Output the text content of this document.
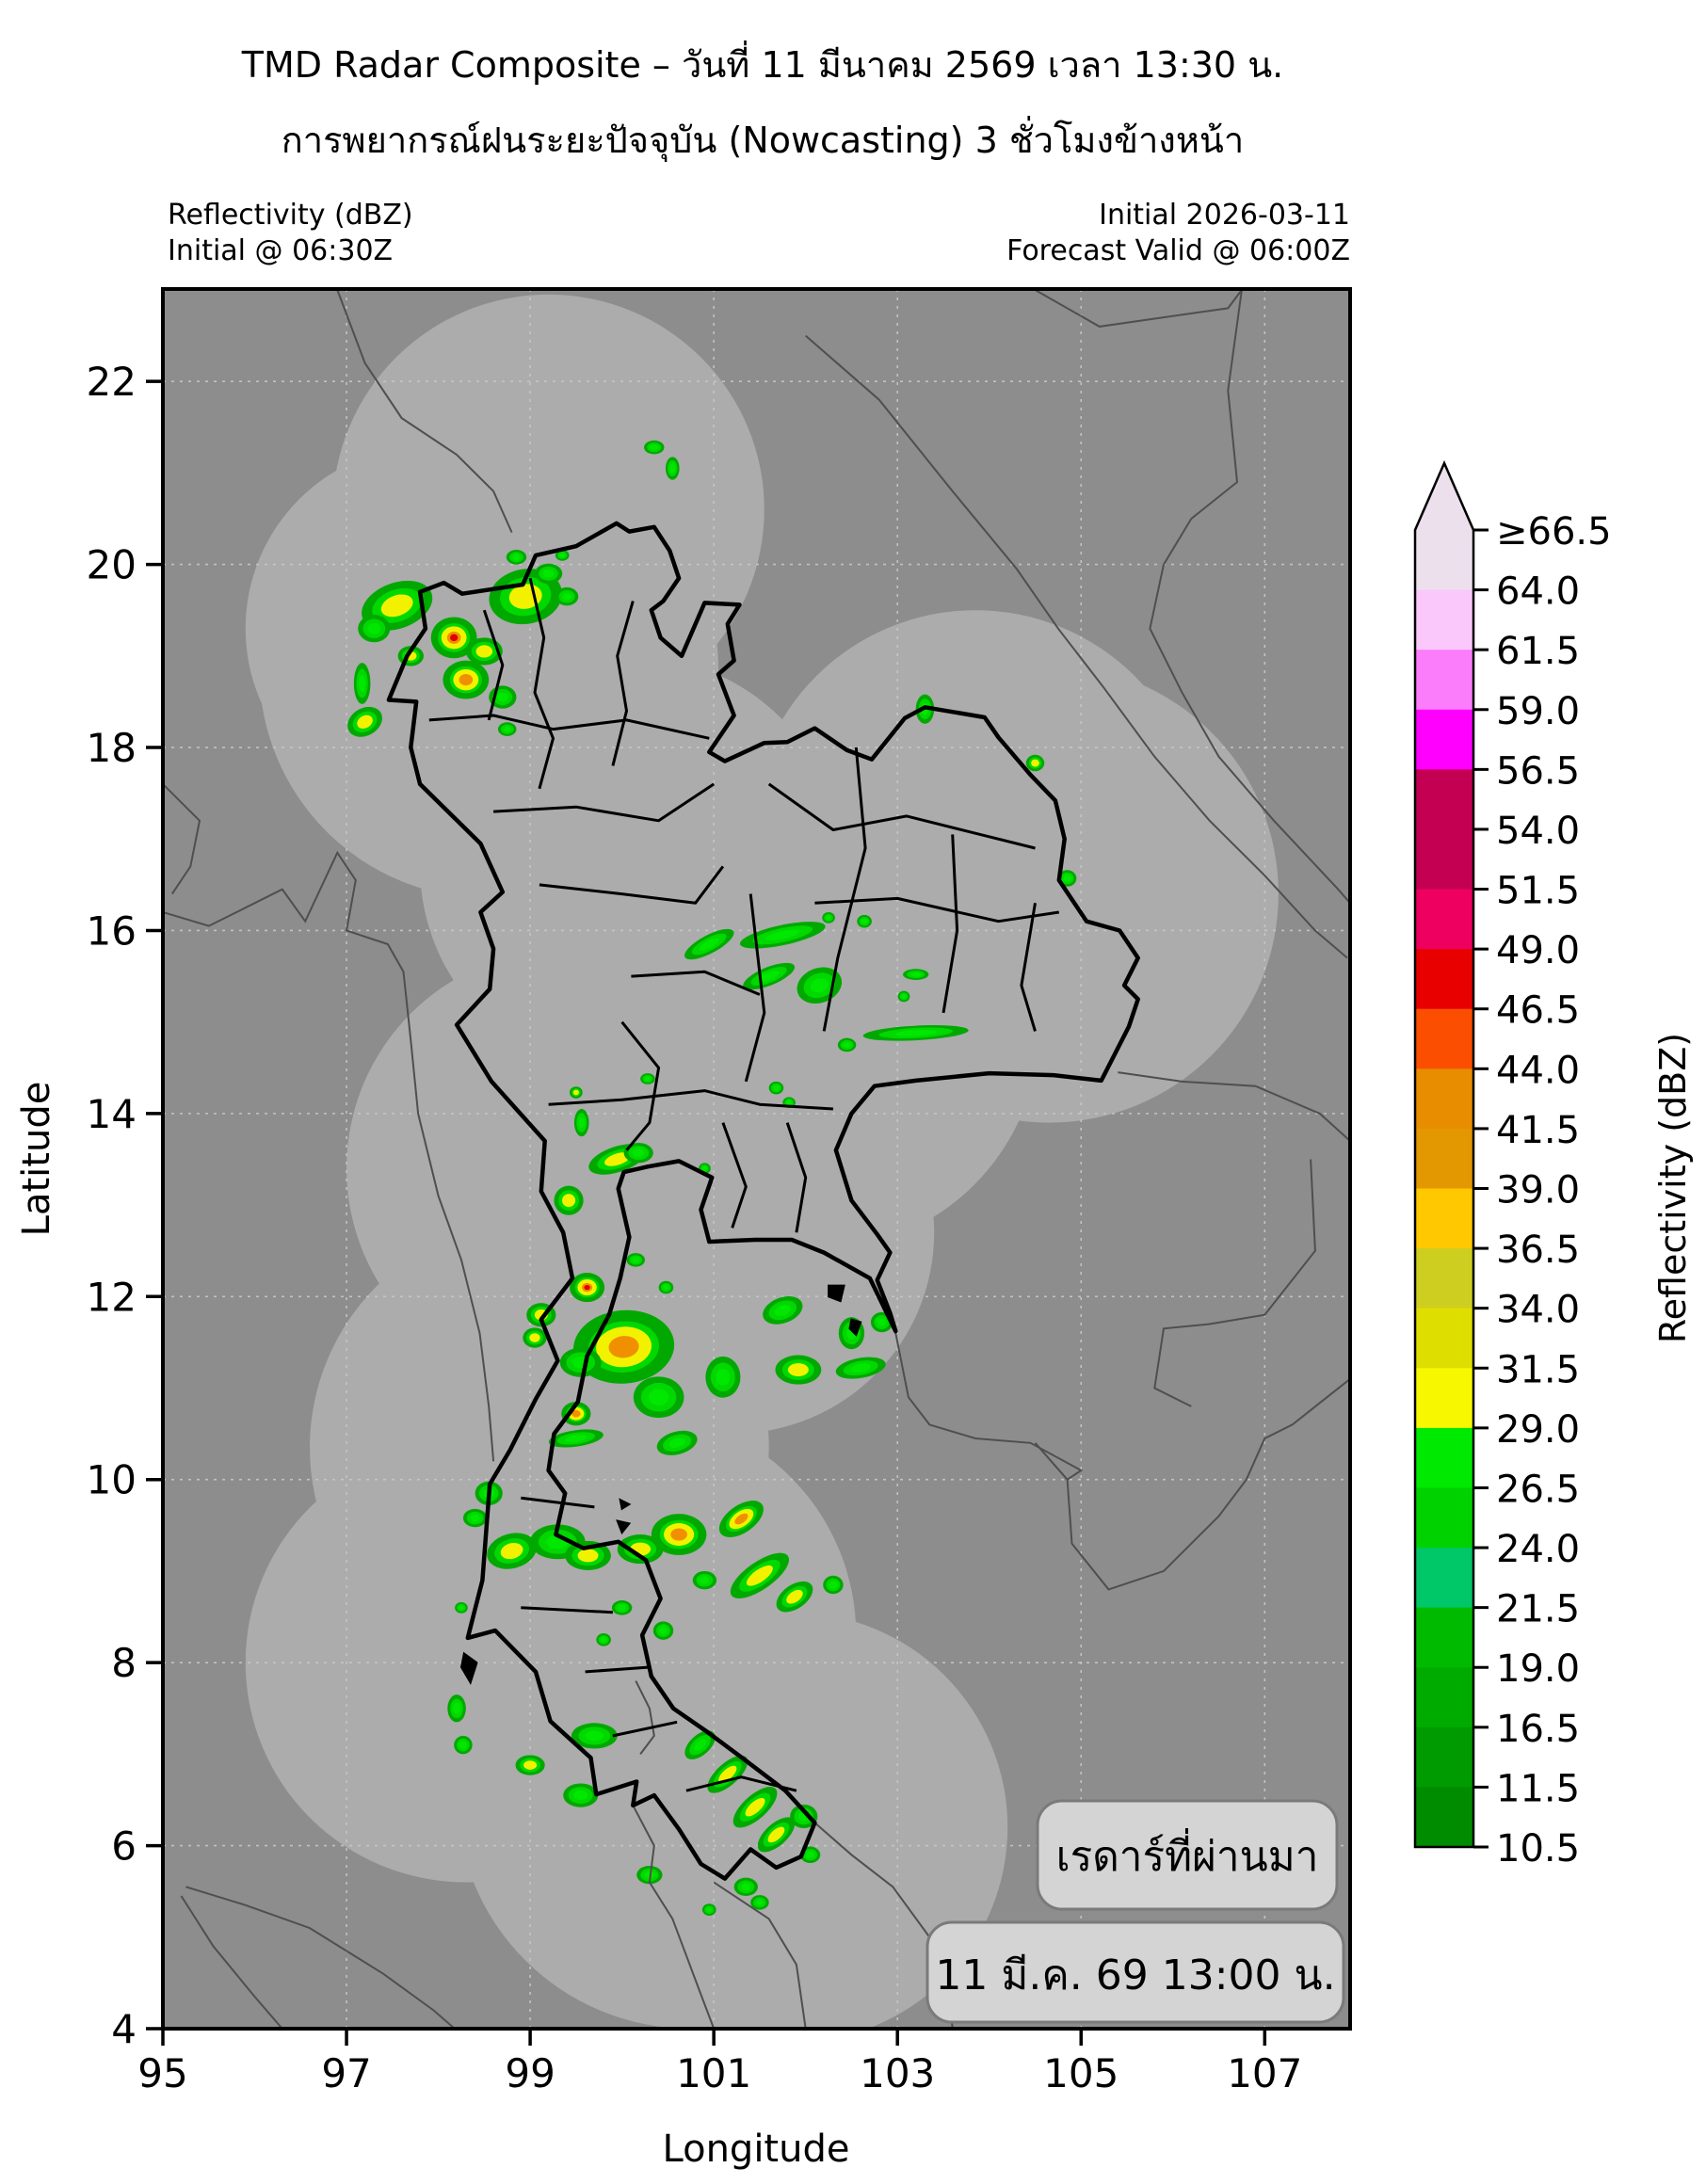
TMD Radar Composite – วันที่ 11 มีนาคม 2569 เวลา 13:30 น.
การพยากรณ์ฝนระยะปัจจุบัน (Nowcasting) 3 ชั่วโมงข้างหน้า
Reflectivity (dBZ)
Initial @ 06:30Z
Initial 2026-03-11
Forecast Valid @ 06:00Z
95	97	99	101	103	105	107
4
6
8
10
12
14
16
18
20
22
Longitude
Latitude
≥66.5
64.0
61.5
59.0
56.5
54.0
51.5
49.0
46.5
44.0
41.5
39.0
36.5
34.0
31.5
29.0
26.5
24.0
21.5
19.0
16.5
11.5
10.5
Reflectivity (dBZ)
เรดาร์ที่ผ่านมา
11 มี.ค. 69 13:00 น.
